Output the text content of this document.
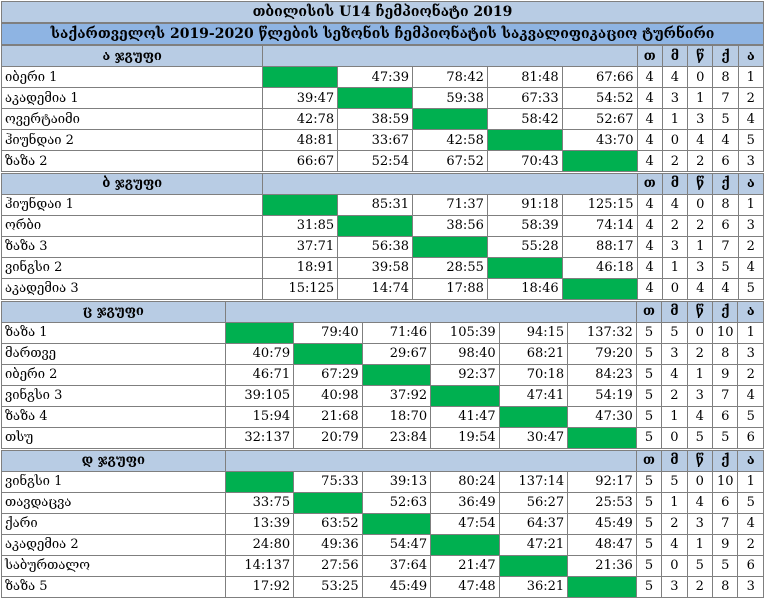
თბილისის U14 ჩემპიონატი 2019
საქართველოს 2019-2020 წლების სეზონის ჩემპიონატის საკვალიფიკაციო ტურნირი
ა ჯგუფი						თ	მ	წ	ქ	ა
იბერი 1		47:39	78:42	81:48	67:66	4	4	0	8	1
აკადემია 1	39:47		59:38	67:33	54:52	4	3	1	7	2
ოვერტაიმი	42:78	38:59		58:42	52:67	4	1	3	5	4
ჰიუნდაი 2	48:81	33:67	42:58		43:70	4	0	4	4	5
ზაზა 2	66:67	52:54	67:52	70:43		4	2	2	6	3
ბ ჯგუფი						თ	მ	წ	ქ	ა
ჰიუნდაი 1		85:31	71:37	91:18	125:15	4	4	0	8	1
ორბი	31:85		38:56	58:39	74:14	4	2	2	6	3
ზაზა 3	37:71	56:38		55:28	88:17	4	3	1	7	2
ვინგსი 2	18:91	39:58	28:55		46:18	4	1	3	5	4
აკადემია 3	15:125	14:74	17:88	18:46		4	0	4	4	5
ც ჯგუფი							თ	მ	წ	ქ	ა
ზაზა 1		79:40	71:46	105:39	94:15	137:32	5	5	0	10	1
მართვე	40:79		29:67	98:40	68:21	79:20	5	3	2	8	3
იბერი 2	46:71	67:29		92:37	70:18	84:23	5	4	1	9	2
ვინგსი 3	39:105	40:98	37:92		47:41	54:19	5	2	3	7	4
ზაზა 4	15:94	21:68	18:70	41:47		47:30	5	1	4	6	5
თსუ	32:137	20:79	23:84	19:54	30:47		5	0	5	5	6
დ ჯგუფი							თ	მ	წ	ქ	ა
ვინგსი 1		75:33	39:13	80:24	137:14	92:17	5	5	0	10	1
თავდაცვა	33:75		52:63	36:49	56:27	25:53	5	1	4	6	5
ქარი	13:39	63:52		47:54	64:37	45:49	5	2	3	7	4
აკადემია 2	24:80	49:36	54:47		47:21	48:47	5	4	1	9	2
საბურთალო	14:137	27:56	37:64	21:47		21:36	5	0	5	5	6
ზაზა 5	17:92	53:25	45:49	47:48	36:21		5	3	2	8	3
